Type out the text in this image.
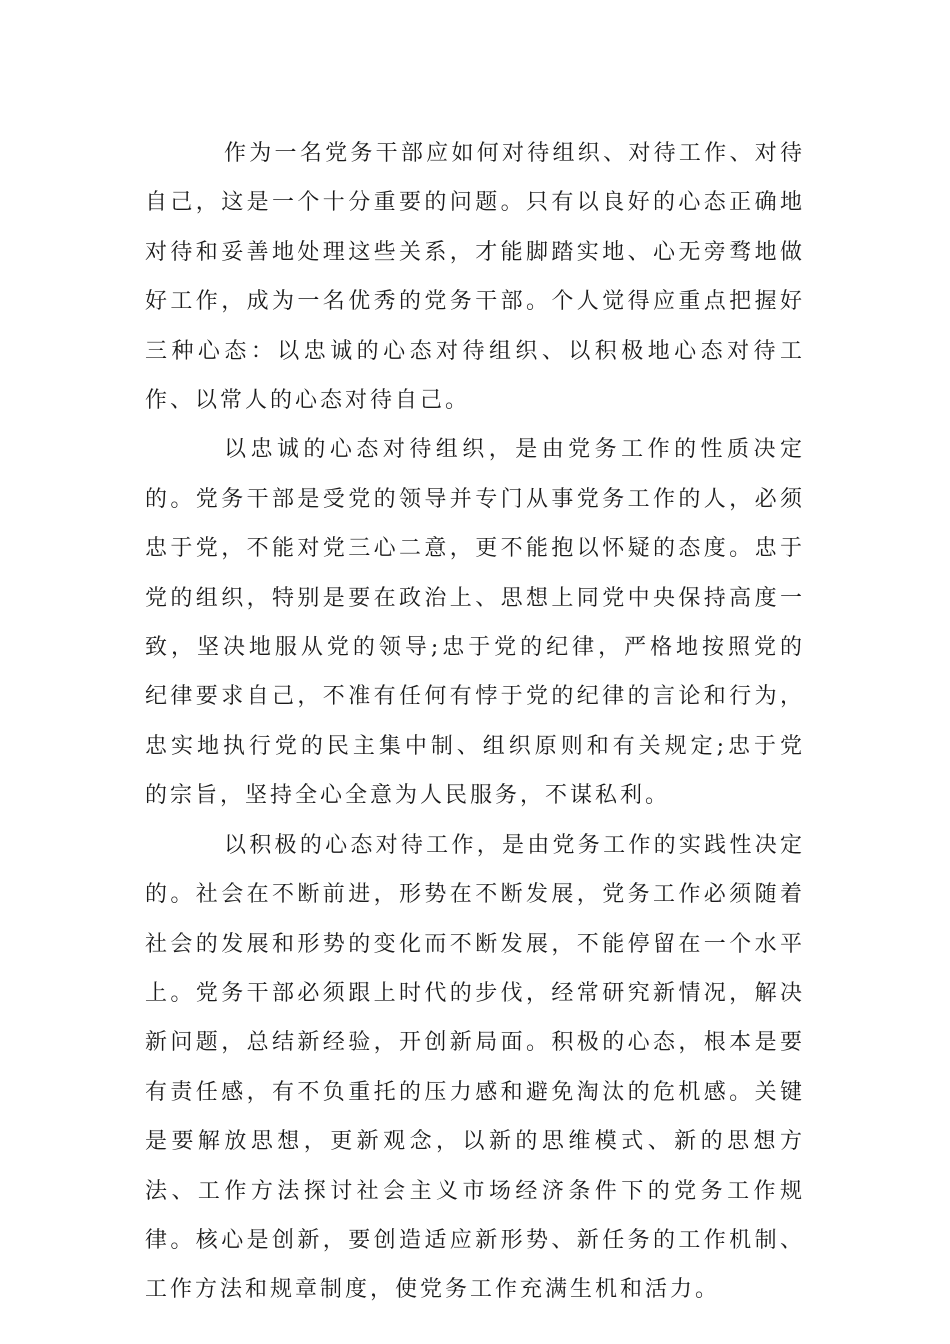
作为一名党务干部应如何对待组织、对待工作、对待自己，这是一个十分重要的问题。只有以良好的心态正确地对待和妥善地处理这些关系，才能脚踏实地、心无旁骛地做好工作，成为一名优秀的党务干部。个人觉得应重点把握好三种心态：以忠诚的心态对待组织、以积极地心态对待工作、以常人的心态对待自己。

以忠诚的心态对待组织，是由党务工作的性质决定的。党务干部是受党的领导并专门从事党务工作的人，必须忠于党，不能对党三心二意，更不能抱以怀疑的态度。忠于党的组织，特别是要在政治上、思想上同党中央保持高度一致，坚决地服从党的领导;忠于党的纪律，严格地按照党的纪律要求自己，不准有任何有悖于党的纪律的言论和行为，忠实地执行党的民主集中制、组织原则和有关规定;忠于党的宗旨，坚持全心全意为人民服务，不谋私利。

以积极的心态对待工作，是由党务工作的实践性决定的。社会在不断前进，形势在不断发展，党务工作必须随着社会的发展和形势的变化而不断发展，不能停留在一个水平上。党务干部必须跟上时代的步伐，经常研究新情况，解决新问题，总结新经验，开创新局面。积极的心态，根本是要有责任感，有不负重托的压力感和避免淘汰的危机感。关键是要解放思想，更新观念，以新的思维模式、新的思想方法、工作方法探讨社会主义市场经济条件下的党务工作规律。核心是创新，要创造适应新形势、新任务的工作机制、工作方法和规章制度，使党务工作充满生机和活力。
